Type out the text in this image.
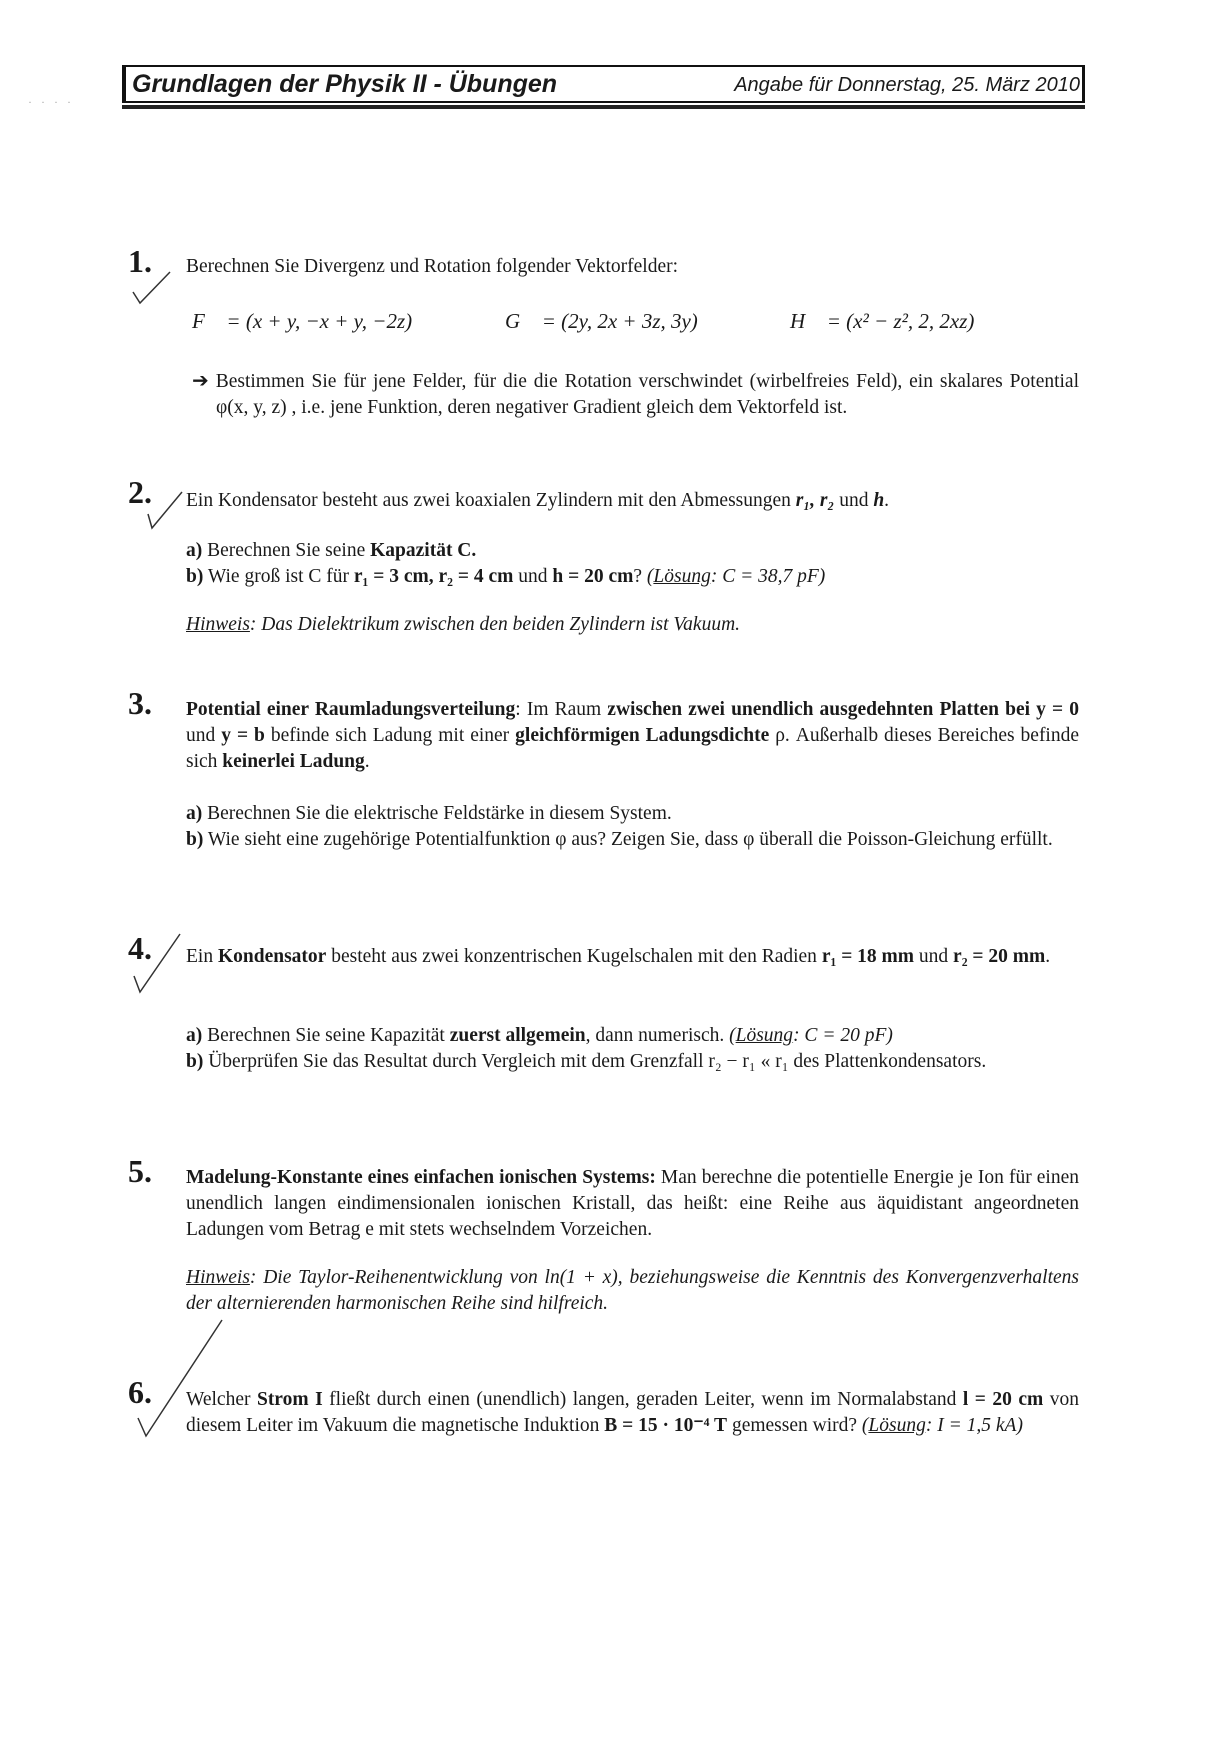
Grundlagen der Physik II - Übungen	Angabe für Donnerstag, 25. März 2010
· · · ·
1. Berechnen Sie Divergenz und Rotation folgender Vektorfelder:
F⃗ = (x + y, −x + y, −2z)	G⃗ = (2y, 2x + 3z, 3y)	H⃗ = (x² − z², 2, 2xz)
➔ Bestimmen Sie für jene Felder, für die die Rotation verschwindet (wirbelfreies Feld), ein skalares Potential φ(x, y, z) , i.e. jene Funktion, deren negativer Gradient gleich dem Vektorfeld ist.
2. Ein Kondensator besteht aus zwei koaxialen Zylindern mit den Abmessungen r₁, r₂ und h.

a) Berechnen Sie seine Kapazität C.

b) Wie groß ist C für r₁ = 3 cm, r₂ = 4 cm und h = 20 cm? (Lösung: C = 38,7 pF)

Hinweis: Das Dielektrikum zwischen den beiden Zylindern ist Vakuum.
3. Potential einer Raumladungsverteilung: Im Raum zwischen zwei unendlich ausgedehnten Platten bei y = 0 und y = b befinde sich Ladung mit einer gleichförmigen Ladungsdichte ρ. Außerhalb dieses Bereiches befinde sich keinerlei Ladung.

a) Berechnen Sie die elektrische Feldstärke in diesem System.

b) Wie sieht eine zugehörige Potentialfunktion φ aus? Zeigen Sie, dass φ überall die Poisson-Gleichung erfüllt.

4. Ein Kondensator besteht aus zwei konzentrischen Kugelschalen mit den Radien r₁ = 18 mm und r₂ = 20 mm.

a) Berechnen Sie seine Kapazität zuerst allgemein, dann numerisch. (Lösung: C = 20 pF)

b) Überprüfen Sie das Resultat durch Vergleich mit dem Grenzfall r₂ − r₁ « r₁ des Plattenkondensators.

5. Madelung-Konstante eines einfachen ionischen Systems: Man berechne die potentielle Energie je Ion für einen unendlich langen eindimensionalen ionischen Kristall, das heißt: eine Reihe aus äquidistant angeordneten Ladungen vom Betrag e mit stets wechselndem Vorzeichen.
Hinweis: Die Taylor-Reihenentwicklung von ln(1 + x), beziehungsweise die Kenntnis des Konvergenzverhaltens der alternierenden harmonischen Reihe sind hilfreich.
6. Welcher Strom I fließt durch einen (unendlich) langen, geraden Leiter, wenn im Normalabstand l = 20 cm von diesem Leiter im Vakuum die magnetische Induktion B = 15 · 10⁻⁴ T gemessen wird? (Lösung: I = 1,5 kA)
